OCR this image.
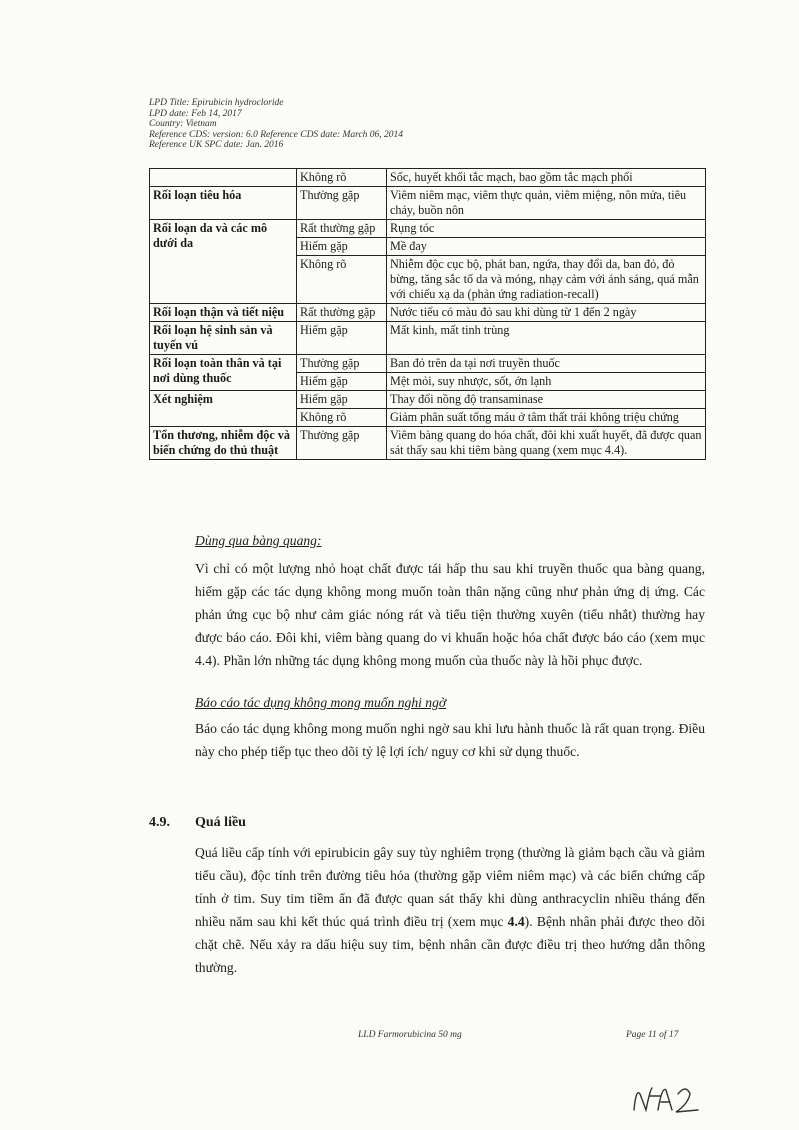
LPD Title: Epirubicin hydrocloride
LPD date: Feb 14, 2017
Country: Vietnam
Reference CDS: version: 6.0 Reference CDS date: March 06, 2014
Reference UK SPC date: Jan. 2016
	Không rõ	Sốc, huyết khối tắc mạch, bao gồm tắc mạch phổi
Rối loạn tiêu hóa	Thường gặp	Viêm niêm mạc, viêm thực quản, viêm miệng, nôn mửa, tiêu chảy, buồn nôn
Rối loạn da và các mô dưới da	Rất thường gặp	Rụng tóc
	Hiếm gặp	Mề đay
	Không rõ	Nhiễm độc cục bộ, phát ban, ngứa, thay đổi da, ban đỏ, đỏ bừng, tăng sắc tố da và móng, nhạy cảm với ánh sáng, quá mẫn với chiếu xạ da (phản ứng radiation-recall)
Rối loạn thận và tiết niệu	Rất thường gặp	Nước tiểu có màu đỏ sau khi dùng từ 1 đến 2 ngày
Rối loạn hệ sinh sản và tuyến vú	Hiếm gặp	Mất kinh, mất tinh trùng
Rối loạn toàn thân và tại nơi dùng thuốc	Thường gặp	Ban đỏ trên da tại nơi truyền thuốc
	Hiếm gặp	Mệt mỏi, suy nhược, sốt, ớn lạnh
Xét nghiệm	Hiếm gặp	Thay đổi nồng độ transaminase
	Không rõ	Giảm phân suất tống máu ở tâm thất trái không triệu chứng
Tổn thương, nhiễm độc và biến chứng do thủ thuật	Thường gặp	Viêm bàng quang do hóa chất, đôi khi xuất huyết, đã được quan sát thấy sau khi tiêm bàng quang (xem mục 4.4).
Dùng qua bàng quang:
Vì chỉ có một lượng nhỏ hoạt chất được tái hấp thu sau khi truyền thuốc qua bàng quang, hiếm gặp các tác dụng không mong muốn toàn thân nặng cũng như phản ứng dị ứng. Các phản ứng cục bộ như cảm giác nóng rát và tiểu tiện thường xuyên (tiểu nhắt) thường hay được báo cáo. Đôi khi, viêm bàng quang do vi khuẩn hoặc hóa chất được báo cáo (xem mục 4.4). Phần lớn những tác dụng không mong muốn của thuốc này là hồi phục được.
Báo cáo tác dụng không mong muốn nghi ngờ
Báo cáo tác dụng không mong muốn nghi ngờ sau khi lưu hành thuốc là rất quan trọng. Điều này cho phép tiếp tục theo dõi tỷ lệ lợi ích/ nguy cơ khi sử dụng thuốc.
4.9. Quá liều
Quá liều cấp tính với epirubicin gây suy tủy nghiêm trọng (thường là giảm bạch cầu và giảm tiểu cầu), độc tính trên đường tiêu hóa (thường gặp viêm niêm mạc) và các biến chứng cấp tính ở tim. Suy tim tiềm ẩn đã được quan sát thấy khi dùng anthracyclin nhiều tháng đến nhiều năm sau khi kết thúc quá trình điều trị (xem mục 4.4). Bệnh nhân phải được theo dõi chặt chẽ. Nếu xảy ra dấu hiệu suy tim, bệnh nhân cần được điều trị theo hướng dẫn thông thường.
LLD Farmorubicina 50 mg	Page 11 of 17
